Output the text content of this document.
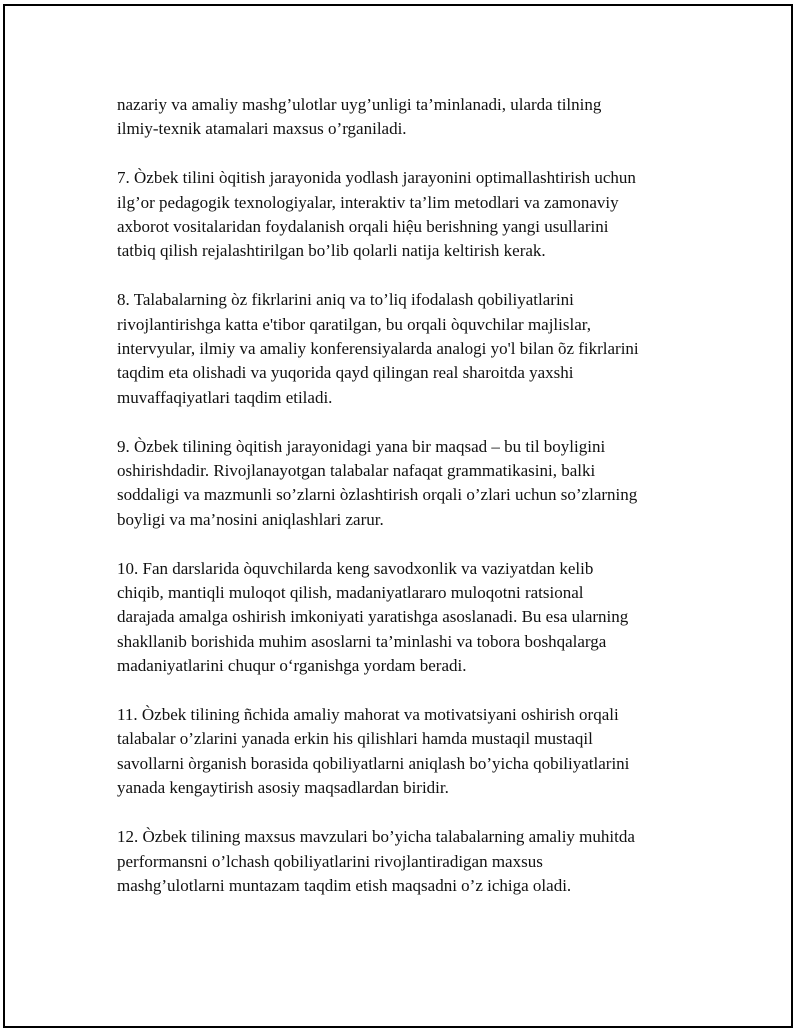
nazariy va amaliy mashg’ulotlar uyg’unligi ta’minlanadi, ularda tilning
ilmiy-texnik atamalari maxsus o’rganiladi.

7. Òzbek tilini òqitish jarayonida yodlash jarayonini optimallashtirish uchun
ilg’or pedagogik texnologiyalar, interaktiv ta’lim metodlari va zamonaviy
axborot vositalaridan foydalanish orqali hiệu berishning yangi usullarini
tatbiq qilish rejalashtirilgan bo’lib qolarli natija keltirish kerak.

8. Talabalarning òz fikrlarini aniq va to’liq ifodalash qobiliyatlarini
rivojlantirishga katta e'tibor qaratilgan, bu orqali òquvchilar majlislar,
intervyular, ilmiy va amaliy konferensiyalarda analogi yo'l bilan õz fikrlarini
taqdim eta olishadi va yuqorida qayd qilingan real sharoitda yaxshi
muvaffaqiyatlari taqdim etiladi.

9. Òzbek tilining òqitish jarayonidagi yana bir maqsad – bu til boyligini
oshirishdadir. Rivojlanayotgan talabalar nafaqat grammatikasini, balki
soddaligi va mazmunli so’zlarni òzlashtirish orqali o’zlari uchun so’zlarning
boyligi va ma’nosini aniqlashlari zarur.

10. Fan darslarida òquvchilarda keng savodxonlik va vaziyatdan kelib
chiqib, mantiqli muloqot qilish, madaniyatlararo muloqotni ratsional
darajada amalga oshirish imkoniyati yaratishga asoslanadi. Bu esa ularning
shakllanib borishida muhim asoslarni ta’minlashi va tobora boshqalarga
madaniyatlarini chuqur o‘rganishga yordam beradi.

11. Òzbek tilining ñchida amaliy mahorat va motivatsiyani oshirish orqali
talabalar o’zlarini yanada erkin his qilishlari hamda mustaqil mustaqil
savollarni òrganish borasida qobiliyatlarni aniqlash bo’yicha qobiliyatlarini
yanada kengaytirish asosiy maqsadlardan biridir.

12. Òzbek tilining maxsus mavzulari bo’yicha talabalarning amaliy muhitda
performansni o’lchash qobiliyatlarini rivojlantiradigan maxsus
mashg’ulotlarni muntazam taqdim etish maqsadni o’z ichiga oladi.
